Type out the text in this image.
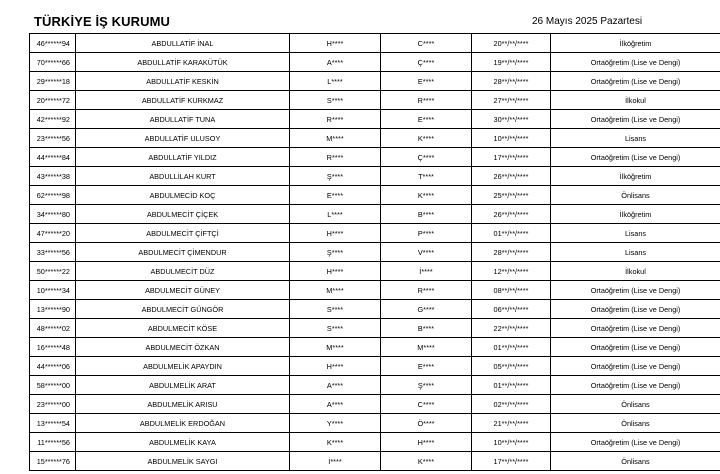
TÜRKİYE İŞ KURUMU	26 Mayıs 2025 Pazartesi
46******94	ABDULLATİF İNAL	H****	C****	20**/**/****	İlköğretim
70******66	ABDULLATİF KARAKÜTÜK	A****	Ç****	19**/**/****	Ortaöğretim (Lise ve Dengi)
29******18	ABDULLATİF KESKİN	L****	E****	28**/**/****	Ortaöğretim (Lise ve Dengi)
20******72	ABDULLATİF KURKMAZ	S****	R****	27**/**/****	İlkokul
42******92	ABDULLATİF TUNA	R****	E****	30**/**/****	Ortaöğretim (Lise ve Dengi)
23******56	ABDULLATİF ULUSOY	M****	K****	10**/**/****	Lisans
44******84	ABDULLATİF YILDIZ	R****	Ç****	17**/**/****	Ortaöğretim (Lise ve Dengi)
43******38	ABDULLİLAH KURT	Ş****	T****	26**/**/****	İlköğretim
62******98	ABDULMECİD KOÇ	E****	K****	25**/**/****	Önlisans
34******80	ABDULMECİT ÇİÇEK	L****	B****	26**/**/****	İlköğretim
47******20	ABDULMECİT ÇİFTÇİ	H****	P****	01**/**/****	Lisans
33******56	ABDULMECİT ÇİMENDUR	Ş****	V****	28**/**/****	Lisans
50******22	ABDULMECİT DÜZ	H****	İ****	12**/**/****	İlkokul
10******34	ABDULMECİT GÜNEY	M****	R****	08**/**/****	Ortaöğretim (Lise ve Dengi)
13******90	ABDULMECİT GÜNGÖR	S****	G****	06**/**/****	Ortaöğretim (Lise ve Dengi)
48******02	ABDULMECİT KÖSE	S****	B****	22**/**/****	Ortaöğretim (Lise ve Dengi)
16******48	ABDULMECİT ÖZKAN	M****	M****	01**/**/****	Ortaöğretim (Lise ve Dengi)
44******06	ABDULMELİK APAYDIN	H****	E****	05**/**/****	Ortaöğretim (Lise ve Dengi)
58******00	ABDULMELİK ARAT	A****	Ş****	01**/**/****	Ortaöğretim (Lise ve Dengi)
23******00	ABDULMELİK ARISU	A****	C****	02**/**/****	Önlisans
13******54	ABDULMELİK ERDOĞAN	Y****	Ö****	21**/**/****	Önlisans
11******56	ABDULMELİK KAYA	K****	H****	10**/**/****	Ortaöğretim (Lise ve Dengi)
15******76	ABDULMELİK SAYGI	İ****	K****	17**/**/****	Önlisans
